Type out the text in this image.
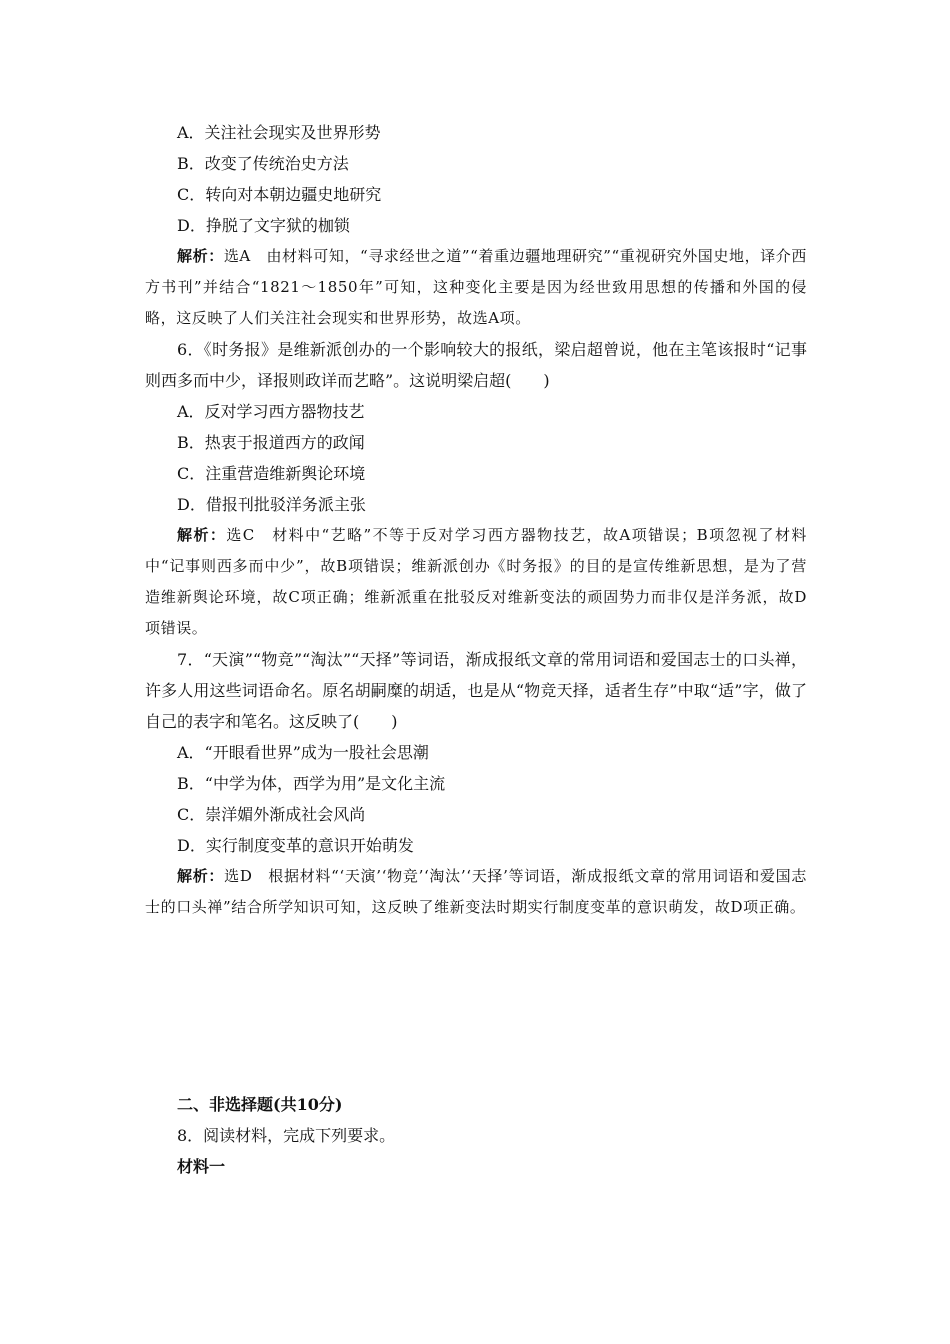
A．关注社会现实及世界形势
B．改变了传统治史方法
C．转向对本朝边疆史地研究
D．挣脱了文字狱的枷锁

解析：选A　由材料可知，“寻求经世之道”“着重边疆地理研究”“重视研究外国史地，译介西方书刊”并结合“1821～1850年”可知，这种变化主要是因为经世致用思想的传播和外国的侵略，这反映了人们关注社会现实和世界形势，故选A项。

6．《时务报》是维新派创办的一个影响较大的报纸，梁启超曾说，他在主笔该报时“记事则西多而中少，译报则政详而艺略”。这说明梁启超(　　)

A．反对学习西方器物技艺
B．热衷于报道西方的政闻
C．注重营造维新舆论环境
D．借报刊批驳洋务派主张

解析：选C　材料中“艺略”不等于反对学习西方器物技艺，故A项错误；B项忽视了材料中“记事则西多而中少”，故B项错误；维新派创办《时务报》的目的是宣传维新思想，是为了营造维新舆论环境，故C项正确；维新派重在批驳反对维新变法的顽固势力而非仅是洋务派，故D项错误。

7．“天演”“物竞”“淘汰”“天择”等词语，渐成报纸文章的常用词语和爱国志士的口头禅，许多人用这些词语命名。原名胡嗣糜的胡适，也是从“物竞天择，适者生存”中取“适”字，做了自己的表字和笔名。这反映了(　　)

A．“开眼看世界”成为一股社会思潮
B．“中学为体，西学为用”是文化主流
C．崇洋媚外渐成社会风尚
D．实行制度变革的意识开始萌发

解析：选D　根据材料“‘天演’‘物竞’‘淘汰’‘天择’等词语，渐成报纸文章的常用词语和爱国志士的口头禅”结合所学知识可知，这反映了维新变法时期实行制度变革的意识萌发，故D项正确。

二、非选择题(共10分)
8．阅读材料，完成下列要求。
材料一
